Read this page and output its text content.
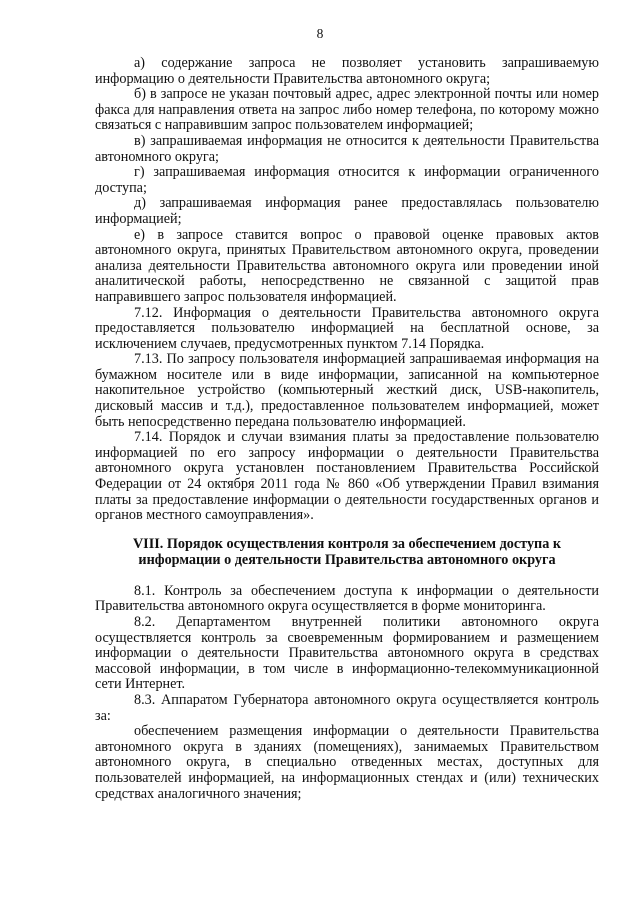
8

а) содержание запроса не позволяет установить запрашиваемую информацию о деятельности Правительства автономного округа;

б) в запросе не указан почтовый адрес, адрес электронной почты или номер факса для направления ответа на запрос либо номер телефона, по которому можно связаться с направившим запрос пользователем информацией;

в) запрашиваемая информация не относится к деятельности Правительства автономного округа;

г) запрашиваемая информация относится к информации ограниченного доступа;

д) запрашиваемая информация ранее предоставлялась пользователю информацией;

е) в запросе ставится вопрос о правовой оценке правовых актов автономного округа, принятых Правительством автономного округа, проведении анализа деятельности Правительства автономного округа или проведении иной аналитической работы, непосредственно не связанной с защитой прав направившего запрос пользователя информацией.

7.12. Информация о деятельности Правительства автономного округа предоставляется пользователю информацией на бесплатной основе, за исключением случаев, предусмотренных пунктом 7.14 Порядка.

7.13. По запросу пользователя информацией запрашиваемая информация на бумажном носителе или в виде информации, записанной на компьютерное накопительное устройство (компьютерный жесткий диск, USB-накопитель, дисковый массив и т.д.), предоставленное пользователем информацией, может быть непосредственно передана пользователю информацией.

7.14. Порядок и случаи взимания платы за предоставление пользователю информацией по его запросу информации о деятельности Правительства автономного округа установлен постановлением Правительства Российской Федерации от 24 октября 2011 года № 860 «Об утверждении Правил взимания платы за предоставление информации о деятельности государственных органов и органов местного самоуправления».

VIII. Порядок осуществления контроля за обеспечением доступа к
информации о деятельности Правительства автономного округа

8.1. Контроль за обеспечением доступа к информации о деятельности Правительства автономного округа осуществляется в форме мониторинга.

8.2. Департаментом внутренней политики автономного округа осуществляется контроль за своевременным формированием и размещением информации о деятельности Правительства автономного округа в средствах массовой информации, в том числе в информационно-телекоммуникационной сети Интернет.

8.3. Аппаратом Губернатора автономного округа осуществляется контроль за:

обеспечением размещения информации о деятельности Правительства автономного округа в зданиях (помещениях), занимаемых Правительством автономного округа, в специально отведенных местах, доступных для пользователей информацией, на информационных стендах и (или) технических средствах аналогичного значения;
